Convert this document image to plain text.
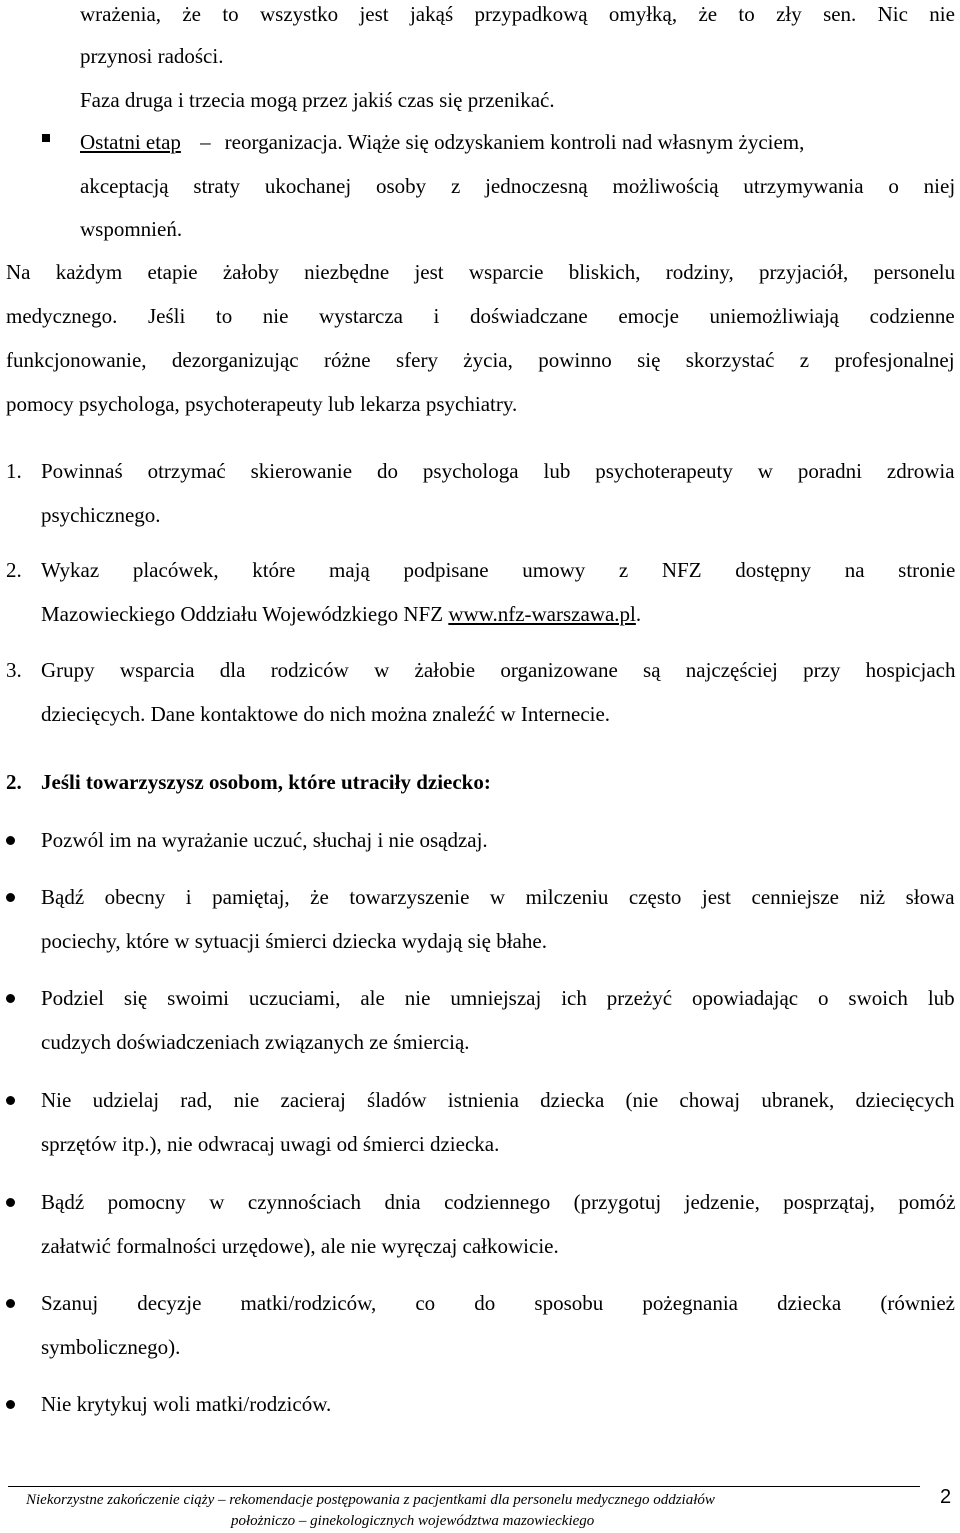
wrażenia, że to wszystko jest jakąś przypadkową omyłką, że to zły sen. Nic nie
przynosi radości.
Faza druga i trzecia mogą przez jakiś czas się przenikać.
Ostatni etap – reorganizacja. Wiąże się odzyskaniem kontroli nad własnym życiem,
akceptacją straty ukochanej osoby z jednoczesną możliwością utrzymywania o niej
wspomnień.
Na każdym etapie żałoby niezbędne jest wsparcie bliskich, rodziny, przyjaciół, personelu
medycznego. Jeśli to nie wystarcza i doświadczane emocje uniemożliwiają codzienne
funkcjonowanie, dezorganizując różne sfery życia, powinno się skorzystać z profesjonalnej
pomocy psychologa, psychoterapeuty lub lekarza psychiatry.
1. Powinnaś otrzymać skierowanie do psychologa lub psychoterapeuty w poradni zdrowia
psychicznego.
2. Wykaz placówek, które mają podpisane umowy z NFZ dostępny na stronie
Mazowieckiego Oddziału Wojewódzkiego NFZ www.nfz-warszawa.pl.
3. Grupy wsparcia dla rodziców w żałobie organizowane są najczęściej przy hospicjach
dziecięcych. Dane kontaktowe do nich można znaleźć w Internecie.
2. Jeśli towarzyszysz osobom, które utraciły dziecko:
Pozwól im na wyrażanie uczuć, słuchaj i nie osądzaj.
Bądź obecny i pamiętaj, że towarzyszenie w milczeniu często jest cenniejsze niż słowa
pociechy, które w sytuacji śmierci dziecka wydają się błahe.
Podziel się swoimi uczuciami, ale nie umniejszaj ich przeżyć opowiadając o swoich lub
cudzych doświadczeniach związanych ze śmiercią.
Nie udzielaj rad, nie zacieraj śladów istnienia dziecka (nie chowaj ubranek, dziecięcych
sprzętów itp.), nie odwracaj uwagi od śmierci dziecka.
Bądź pomocny w czynnościach dnia codziennego (przygotuj jedzenie, posprzątaj, pomóż
załatwić formalności urzędowe), ale nie wyręczaj całkowicie.
Szanuj decyzje matki/rodziców, co do sposobu pożegnania dziecka (również
symbolicznego).
Nie krytykuj woli matki/rodziców.
Niekorzystne zakończenie ciąży – rekomendacje postępowania z pacjentkami dla personelu medycznego oddziałów
położniczo – ginekologicznych województwa mazowieckiego
2
